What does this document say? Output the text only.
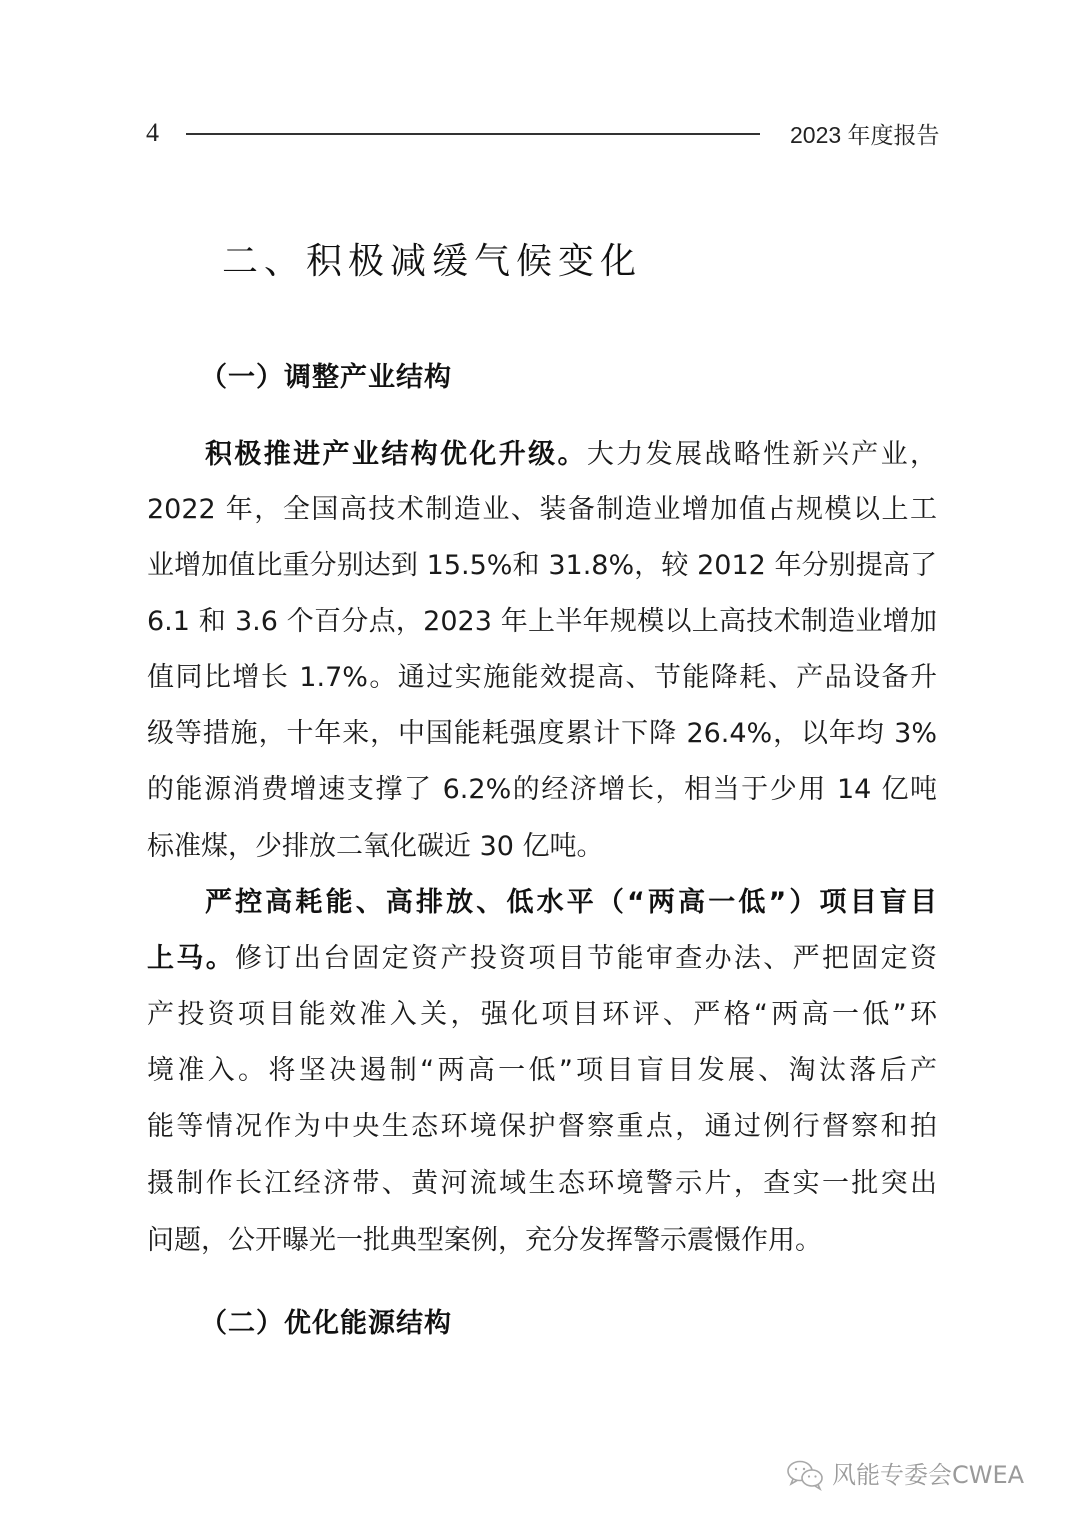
4	2023 年度报告
二、积极减缓气候变化
（一）调整产业结构
积极推进产业结构优化升级。大力发展战略性新兴产业，
2022 年，全国高技术制造业、装备制造业增加值占规模以上工
业增加值比重分别达到 15.5%和 31.8%，较 2012 年分别提高了
6.1 和 3.6 个百分点，2023 年上半年规模以上高技术制造业增加
值同比增长 1.7%。通过实施能效提高、节能降耗、产品设备升
级等措施，十年来，中国能耗强度累计下降 26.4%，以年均 3%
的能源消费增速支撑了 6.2%的经济增长，相当于少用 14 亿吨
标准煤，少排放二氧化碳近 30 亿吨。
严控高耗能、高排放、低水平（“两高一低”）项目盲目
上马。修订出台固定资产投资项目节能审查办法、严把固定资
产投资项目能效准入关，强化项目环评、严格“两高一低”环
境准入。将坚决遏制“两高一低”项目盲目发展、淘汰落后产
能等情况作为中央生态环境保护督察重点，通过例行督察和拍
摄制作长江经济带、黄河流域生态环境警示片，查实一批突出
问题，公开曝光一批典型案例，充分发挥警示震慑作用。
（二）优化能源结构
风能专委会CWEA
